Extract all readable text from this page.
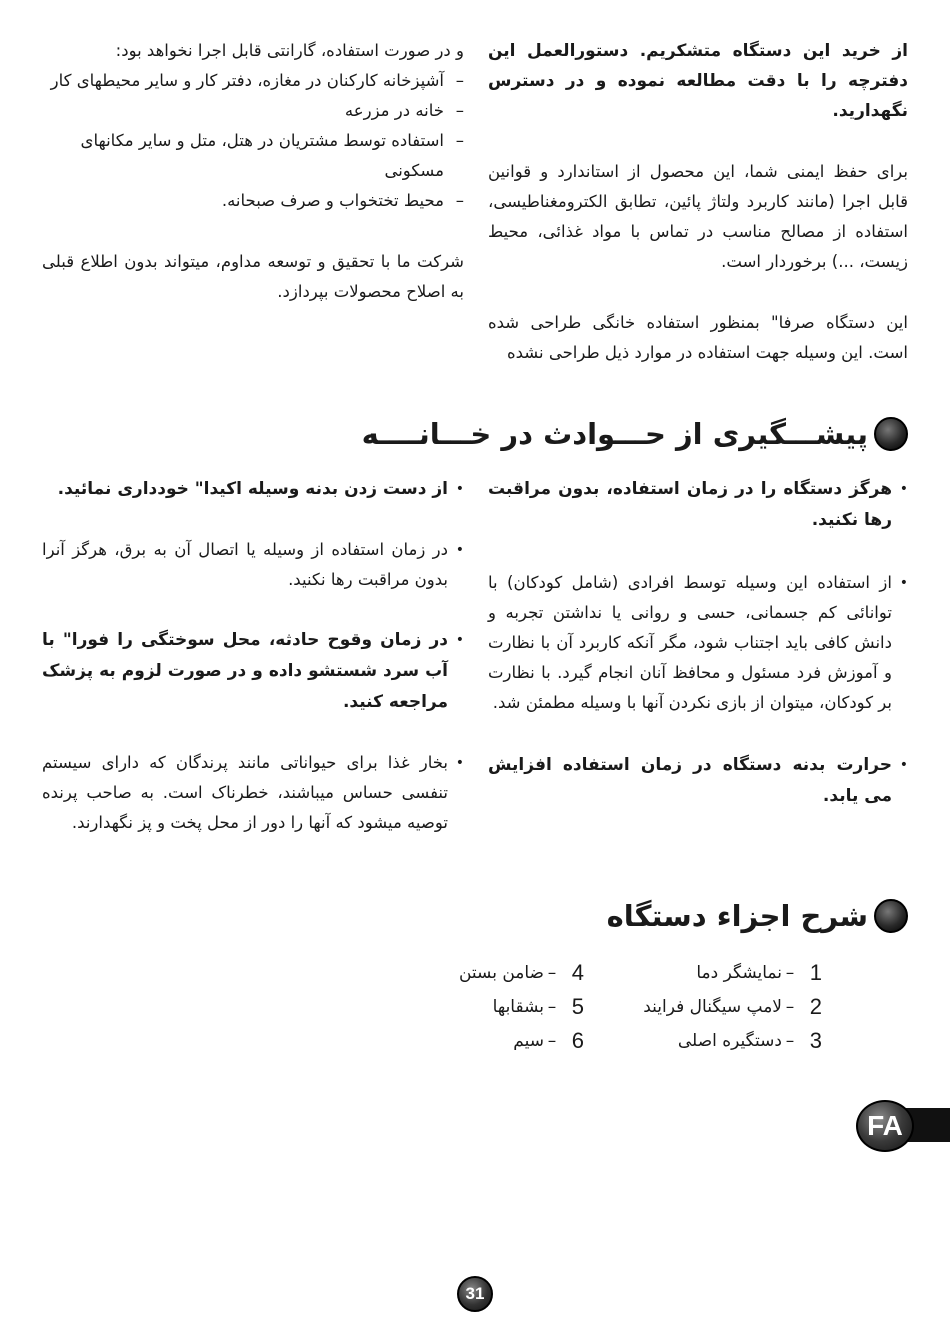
از خرید این دستگاه متشکریم. دستورالعمل این دفترچه را با دقت مطالعه نموده و در دسترس نگهدارید.

برای حفظ ایمنی شما، این محصول از استاندارد و قوانین قابل اجرا (مانند کاربرد ولتاژ پائین، تطابق الکترومغناطیسی، استفاده از مصالح مناسب در تماس با مواد غذائی، محیط زیست، ...) برخوردار است.

این دستگاه صرفا" بمنظور استفاده خانگی طراحی شده است. این وسیله جهت استفاده در موارد ذیل طراحی نشده

و در صورت استفاده، گارانتی قابل اجرا نخواهد بود:

–
آشپزخانه کارکنان در مغازه، دفتر کار و سایر محیطهای کار
–
خانه در مزرعه
–
استفاده توسط مشتریان در هتل، متل و سایر مکانهای مسکونی
–
محیط تختخواب و صرف صبحانه.

شرکت ما با تحقیق و توسعه مداوم، میتواند بدون اطلاع قبلی به اصلاح محصولات بپردازد.

پیشـــگیری از حـــوادث در خـــانــــه
•
هرگز دستگاه را در زمان استفاده، بدون مراقبت رها نکنید.
•
از استفاده این وسیله توسط افرادی (شامل کودکان) با توانائی کم جسمانی، حسی و روانی یا نداشتن تجربه و دانش کافی باید اجتناب شود، مگر آنکه کاربرد آن با نظارت و آموزش فرد مسئول و محافظ آنان انجام گیرد. با نظارت بر کودکان، میتوان از بازی نکردن آنها با وسیله مطمئن شد.
•
حرارت بدنه دستگاه در زمان استفاده افزایش می یابد.
•
از دست زدن بدنه وسیله اکیدا" خودداری نمائید.
•
در زمان استفاده از وسیله یا اتصال آن به برق، هرگز آنرا بدون مراقبت رها نکنید.
•
در زمان وقوح حادثه، محل سوختگی را فورا" با آب سرد شستشو داده و در صورت لزوم به پزشک مراجعه کنید.
•
بخار غذا برای حیواناتی مانند پرندگان که دارای سیستم تنفسی حساس میباشند، خطرناک است. به صاحب پرنده توصیه میشود که آنها را دور از محل پخت و پز نگهدارند.
شرح اجزاء دستگاه
1
–
نمایشگر دما
2
–
لامپ سیگنال فرایند
3
–
دستگیره اصلی
4
–
ضامن بستن
5
–
بشقابها
6
–
سیم
FA
31
